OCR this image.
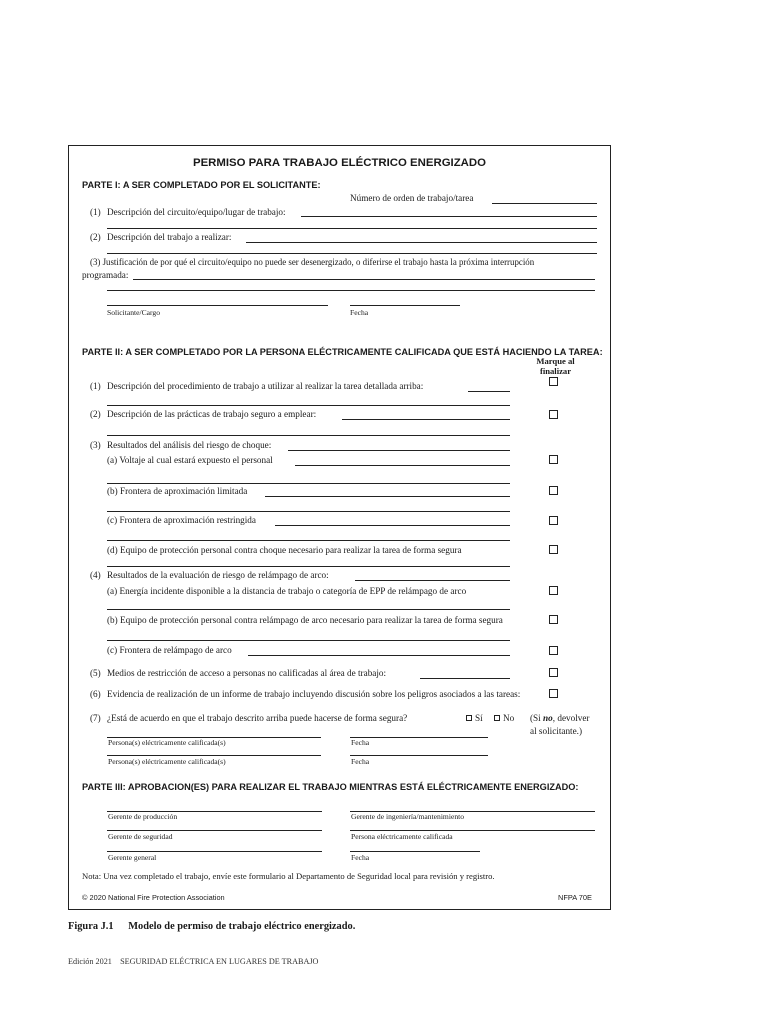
PERMISO PARA TRABAJO ELÉCTRICO ENERGIZADO
PARTE I: A SER COMPLETADO POR EL SOLICITANTE:
Número de orden de trabajo/tarea
(1) Descripción del circuito/equipo/lugar de trabajo:
(2) Descripción del trabajo a realizar:
(3) Justificación de por qué el circuito/equipo no puede ser desenergizado, o diferirse el trabajo hasta la próxima interrupción
programada:
Solicitante/Cargo	Fecha
PARTE II: A SER COMPLETADO POR LA PERSONA ELÉCTRICAMENTE CALIFICADA QUE ESTÁ HACIENDO LA TAREA:
Marque al
finalizar
(1) Descripción del procedimiento de trabajo a utilizar al realizar la tarea detallada arriba:
(2) Descripción de las prácticas de trabajo seguro a emplear:
(3) Resultados del análisis del riesgo de choque:
(a) Voltaje al cual estará expuesto el personal
(b) Frontera de aproximación limitada
(c) Frontera de aproximación restringida
(d) Equipo de protección personal contra choque necesario para realizar la tarea de forma segura
(4) Resultados de la evaluación de riesgo de relámpago de arco:
(a) Energía incidente disponible a la distancia de trabajo o categoría de EPP de relámpago de arco
(b) Equipo de protección personal contra relámpago de arco necesario para realizar la tarea de forma segura
(c) Frontera de relámpago de arco
(5) Medios de restricción de acceso a personas no calificadas al área de trabajo:
(6) Evidencia de realización de un informe de trabajo incluyendo discusión sobre los peligros asociados a las tareas:
(7) ¿Está de acuerdo en que el trabajo descrito arriba puede hacerse de forma segura?	Sí	No (Si no, devolver
al solicitante.)
Persona(s) eléctricamente calificada(s)	Fecha
Persona(s) eléctricamente calificada(s)	Fecha
PARTE III: APROBACION(ES) PARA REALIZAR EL TRABAJO MIENTRAS ESTÁ ELÉCTRICAMENTE ENERGIZADO:
Gerente de producción	Gerente de ingeniería/mantenimiento
Gerente de seguridad	Persona eléctricamente calificada
Gerente general	Fecha
Nota: Una vez completado el trabajo, envíe este formulario al Departamento de Seguridad local para revisión y registro.
© 2020 National Fire Protection Association	NFPA 70E
Figura J.1 Modelo de permiso de trabajo eléctrico energizado.
Edición 2021    SEGURIDAD ELÉCTRICA EN LUGARES DE TRABAJO
